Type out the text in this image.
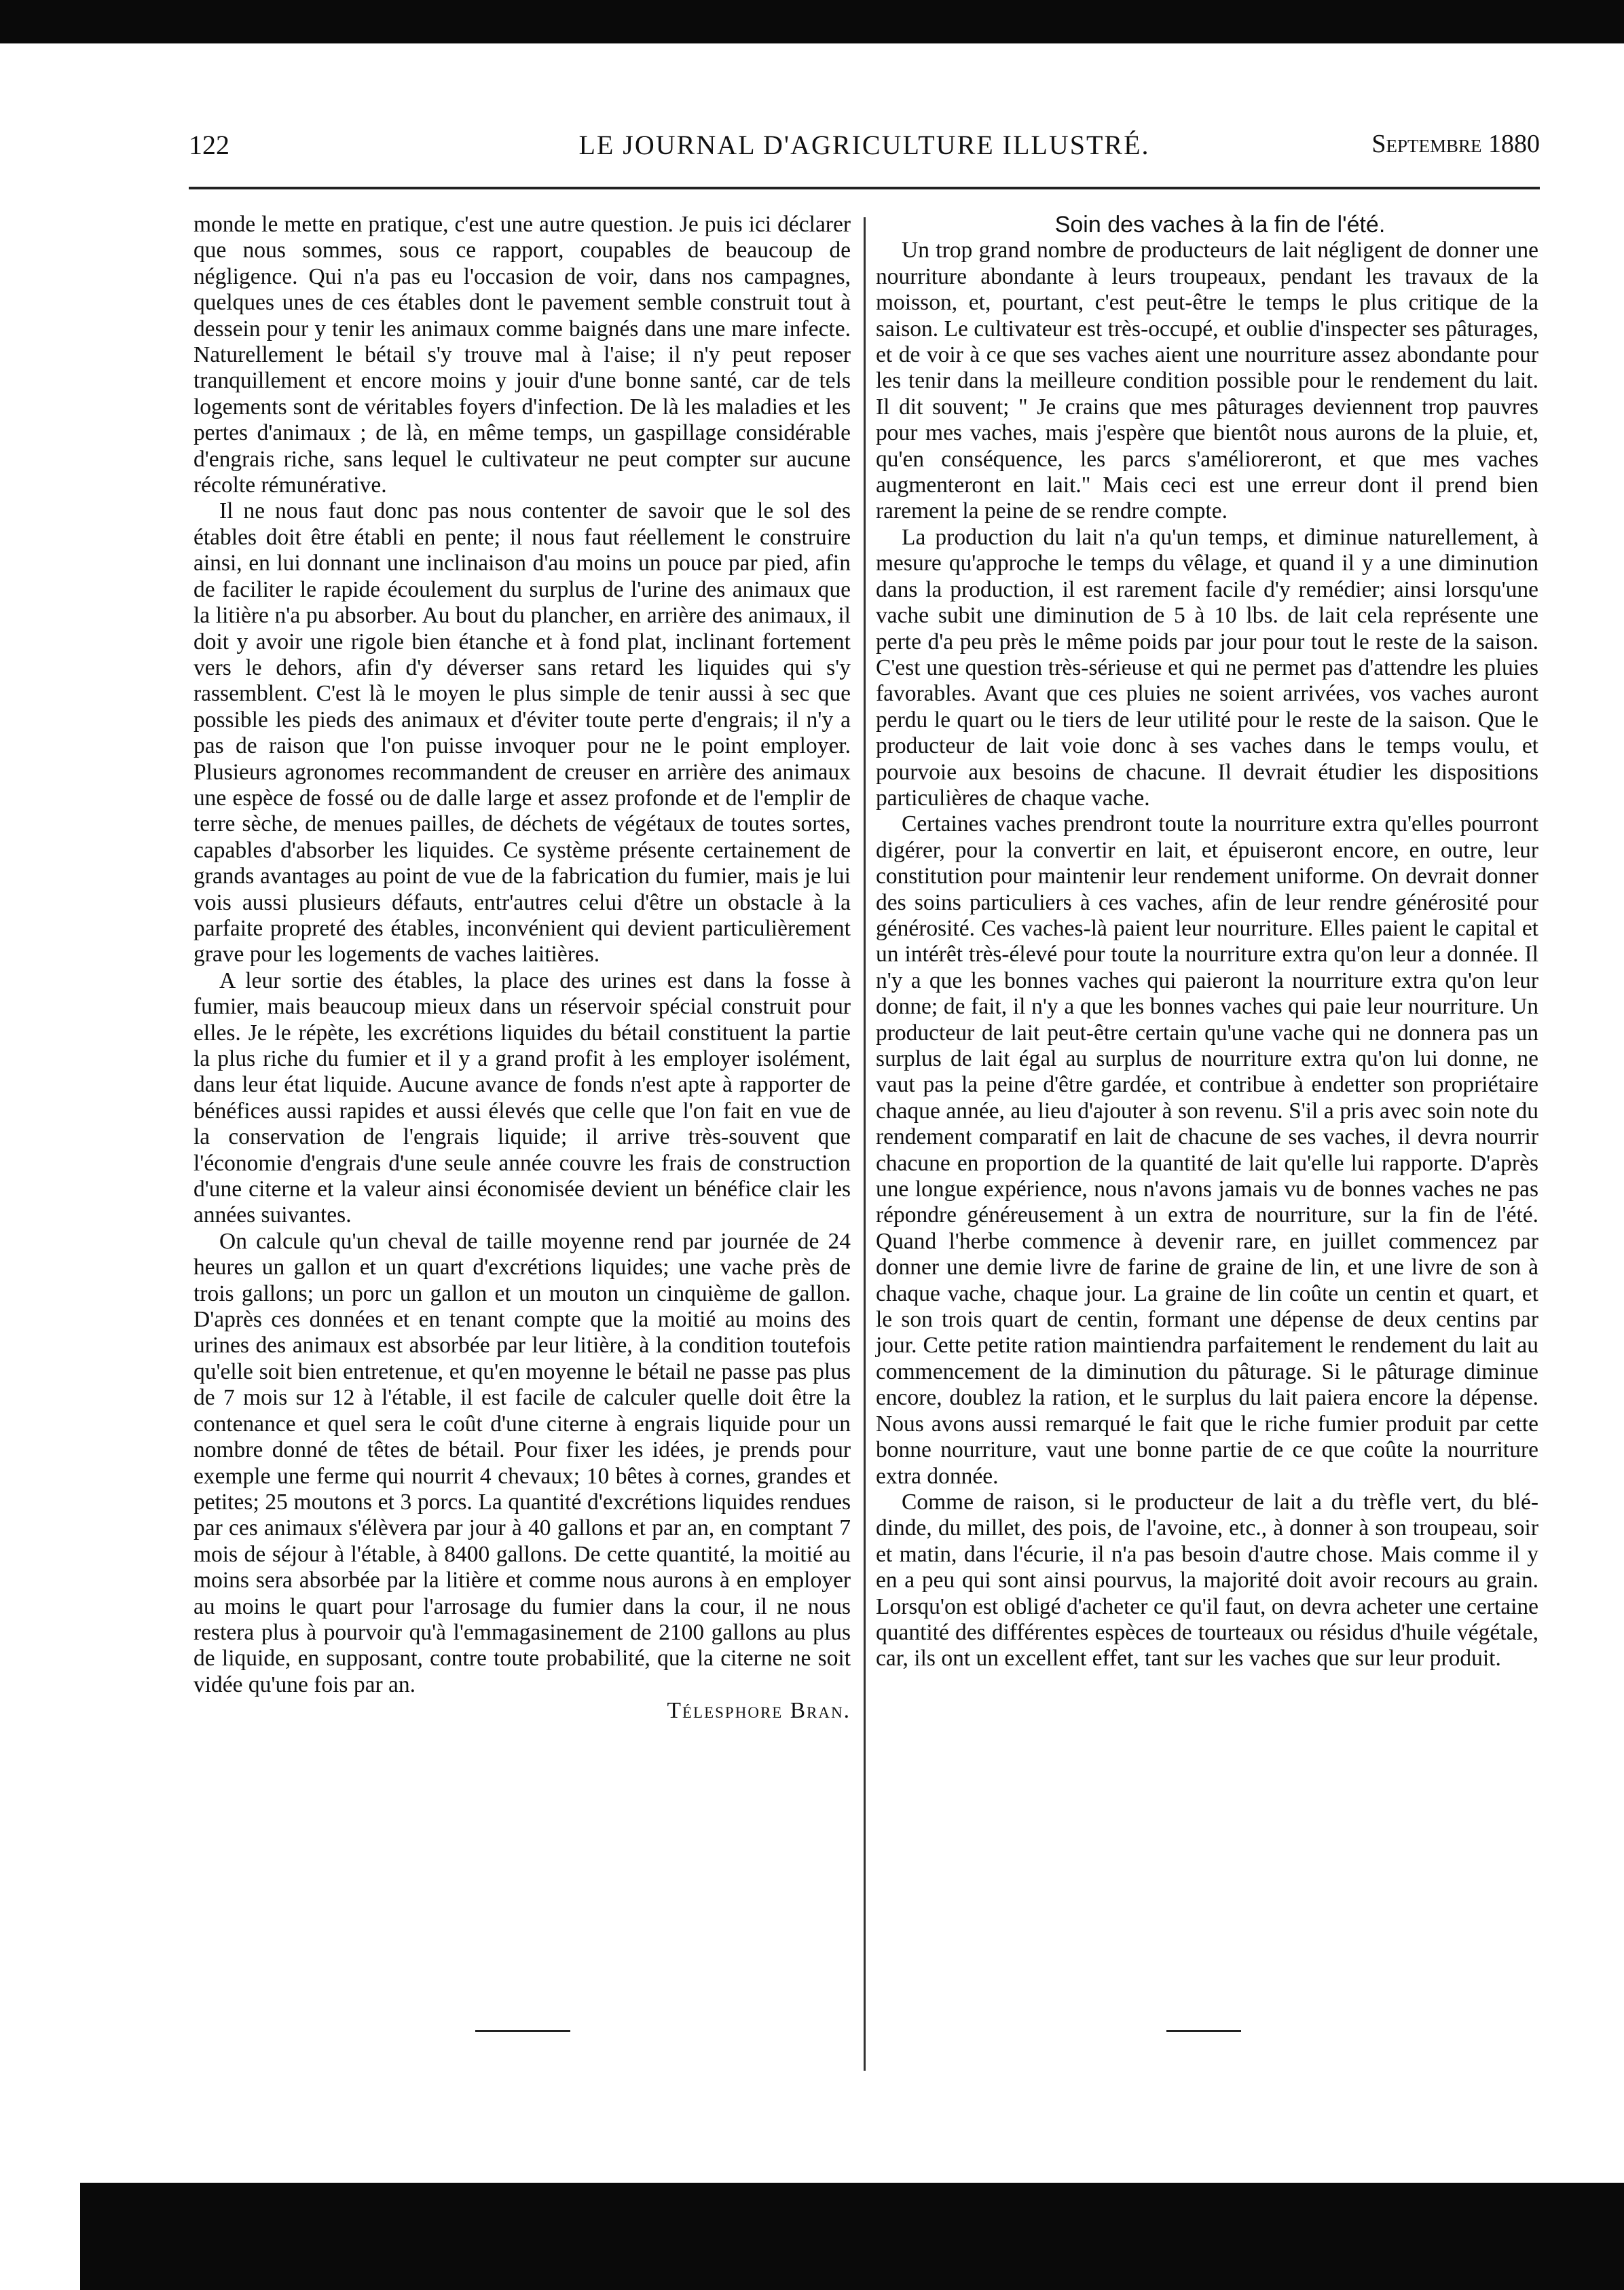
122	LE JOURNAL D'AGRICULTURE ILLUSTRÉ.	Septembre 1880

monde le mette en pratique, c'est une autre question. Je puis ici déclarer que nous sommes, sous ce rapport, coupables de beaucoup de négligence. Qui n'a pas eu l'occasion de voir, dans nos campagnes, quelques unes de ces étables dont le pavement semble construit tout à dessein pour y tenir les animaux comme baignés dans une mare infecte. Naturellement le bétail s'y trouve mal à l'aise; il n'y peut reposer tranquillement et encore moins y jouir d'une bonne santé, car de tels logements sont de véritables foyers d'infection. De là les maladies et les pertes d'animaux ; de là, en même temps, un gaspillage considérable d'engrais riche, sans lequel le cultivateur ne peut compter sur aucune récolte rémunérative.

Il ne nous faut donc pas nous contenter de savoir que le sol des étables doit être établi en pente; il nous faut réellement le construire ainsi, en lui donnant une inclinaison d'au moins un pouce par pied, afin de faciliter le rapide écoulement du surplus de l'urine des animaux que la litière n'a pu absorber. Au bout du plancher, en arrière des animaux, il doit y avoir une rigole bien étanche et à fond plat, inclinant fortement vers le dehors, afin d'y déverser sans retard les liquides qui s'y rassemblent. C'est là le moyen le plus simple de tenir aussi à sec que possible les pieds des animaux et d'éviter toute perte d'engrais; il n'y a pas de raison que l'on puisse invoquer pour ne le point employer. Plusieurs agronomes recommandent de creuser en arrière des animaux une espèce de fossé ou de dalle large et assez profonde et de l'emplir de terre sèche, de menues pailles, de déchets de végétaux de toutes sortes, capables d'absorber les liquides. Ce système présente certainement de grands avantages au point de vue de la fabrication du fumier, mais je lui vois aussi plusieurs défauts, entr'autres celui d'être un obstacle à la parfaite propreté des étables, inconvénient qui devient particulièrement grave pour les logements de vaches laitières.

A leur sortie des étables, la place des urines est dans la fosse à fumier, mais beaucoup mieux dans un réservoir spécial construit pour elles. Je le répète, les excrétions liquides du bétail constituent la partie la plus riche du fumier et il y a grand profit à les employer isolément, dans leur état liquide. Aucune avance de fonds n'est apte à rapporter de bénéfices aussi rapides et aussi élevés que celle que l'on fait en vue de la conservation de l'engrais liquide; il arrive très-souvent que l'économie d'engrais d'une seule année couvre les frais de construction d'une citerne et la valeur ainsi économisée devient un bénéfice clair les années suivantes.

On calcule qu'un cheval de taille moyenne rend par journée de 24 heures un gallon et un quart d'excrétions liquides; une vache près de trois gallons; un porc un gallon et un mouton un cinquième de gallon. D'après ces données et en tenant compte que la moitié au moins des urines des animaux est absorbée par leur litière, à la condition toutefois qu'elle soit bien entretenue, et qu'en moyenne le bétail ne passe pas plus de 7 mois sur 12 à l'étable, il est facile de calculer quelle doit être la contenance et quel sera le coût d'une citerne à engrais liquide pour un nombre donné de têtes de bétail. Pour fixer les idées, je prends pour exemple une ferme qui nourrit 4 chevaux; 10 bêtes à cornes, grandes et petites; 25 moutons et 3 porcs. La quantité d'excrétions liquides rendues par ces animaux s'élèvera par jour à 40 gallons et par an, en comptant 7 mois de séjour à l'étable, à 8400 gallons. De cette quantité, la moitié au moins sera absorbée par la litière et comme nous aurons à en employer au moins le quart pour l'arrosage du fumier dans la cour, il ne nous restera plus à pourvoir qu'à l'emmagasinement de 2100 gallons au plus de liquide, en supposant, contre toute probabilité, que la citerne ne soit vidée qu'une fois par an.

Télesphore Bran.

Soin des vaches à la fin de l'été.

Un trop grand nombre de producteurs de lait négligent de donner une nourriture abondante à leurs troupeaux, pendant les travaux de la moisson, et, pourtant, c'est peut-être le temps le plus critique de la saison. Le cultivateur est très-occupé, et oublie d'inspecter ses pâturages, et de voir à ce que ses vaches aient une nourriture assez abondante pour les tenir dans la meilleure condition possible pour le rendement du lait. Il dit souvent; " Je crains que mes pâturages deviennent trop pauvres pour mes vaches, mais j'espère que bientôt nous aurons de la pluie, et, qu'en conséquence, les parcs s'amélioreront, et que mes vaches augmenteront en lait." Mais ceci est une erreur dont il prend bien rarement la peine de se rendre compte.

La production du lait n'a qu'un temps, et diminue naturellement, à mesure qu'approche le temps du vêlage, et quand il y a une diminution dans la production, il est rarement facile d'y remédier; ainsi lorsqu'une vache subit une diminution de 5 à 10 lbs. de lait cela représente une perte d'a peu près le même poids par jour pour tout le reste de la saison. C'est une question très-sérieuse et qui ne permet pas d'attendre les pluies favorables. Avant que ces pluies ne soient arrivées, vos vaches auront perdu le quart ou le tiers de leur utilité pour le reste de la saison. Que le producteur de lait voie donc à ses vaches dans le temps voulu, et pourvoie aux besoins de chacune. Il devrait étudier les dispositions particulières de chaque vache.

Certaines vaches prendront toute la nourriture extra qu'elles pourront digérer, pour la convertir en lait, et épuiseront encore, en outre, leur constitution pour maintenir leur rendement uniforme. On devrait donner des soins particuliers à ces vaches, afin de leur rendre générosité pour générosité. Ces vaches-là paient leur nourriture. Elles paient le capital et un intérêt très-élevé pour toute la nourriture extra qu'on leur a donnée. Il n'y a que les bonnes vaches qui paieront la nourriture extra qu'on leur donne; de fait, il n'y a que les bonnes vaches qui paie leur nourriture. Un producteur de lait peut-être certain qu'une vache qui ne donnera pas un surplus de lait égal au surplus de nourriture extra qu'on lui donne, ne vaut pas la peine d'être gardée, et contribue à endetter son propriétaire chaque année, au lieu d'ajouter à son revenu. S'il a pris avec soin note du rendement comparatif en lait de chacune de ses vaches, il devra nourrir chacune en proportion de la quantité de lait qu'elle lui rapporte. D'après une longue expérience, nous n'avons jamais vu de bonnes vaches ne pas répondre généreusement à un extra de nourriture, sur la fin de l'été. Quand l'herbe commence à devenir rare, en juillet commencez par donner une demie livre de farine de graine de lin, et une livre de son à chaque vache, chaque jour. La graine de lin coûte un centin et quart, et le son trois quart de centin, formant une dépense de deux centins par jour. Cette petite ration maintiendra parfaitement le rendement du lait au commencement de la diminution du pâturage. Si le pâturage diminue encore, doublez la ration, et le surplus du lait paiera encore la dépense. Nous avons aussi remarqué le fait que le riche fumier produit par cette bonne nourriture, vaut une bonne partie de ce que coûte la nourriture extra donnée.

Comme de raison, si le producteur de lait a du trèfle vert, du blé-dinde, du millet, des pois, de l'avoine, etc., à donner à son troupeau, soir et matin, dans l'écurie, il n'a pas besoin d'autre chose. Mais comme il y en a peu qui sont ainsi pourvus, la majorité doit avoir recours au grain. Lorsqu'on est obligé d'acheter ce qu'il faut, on devra acheter une certaine quantité des différentes espèces de tourteaux ou résidus d'huile végétale, car, ils ont un excellent effet, tant sur les vaches que sur leur produit.
